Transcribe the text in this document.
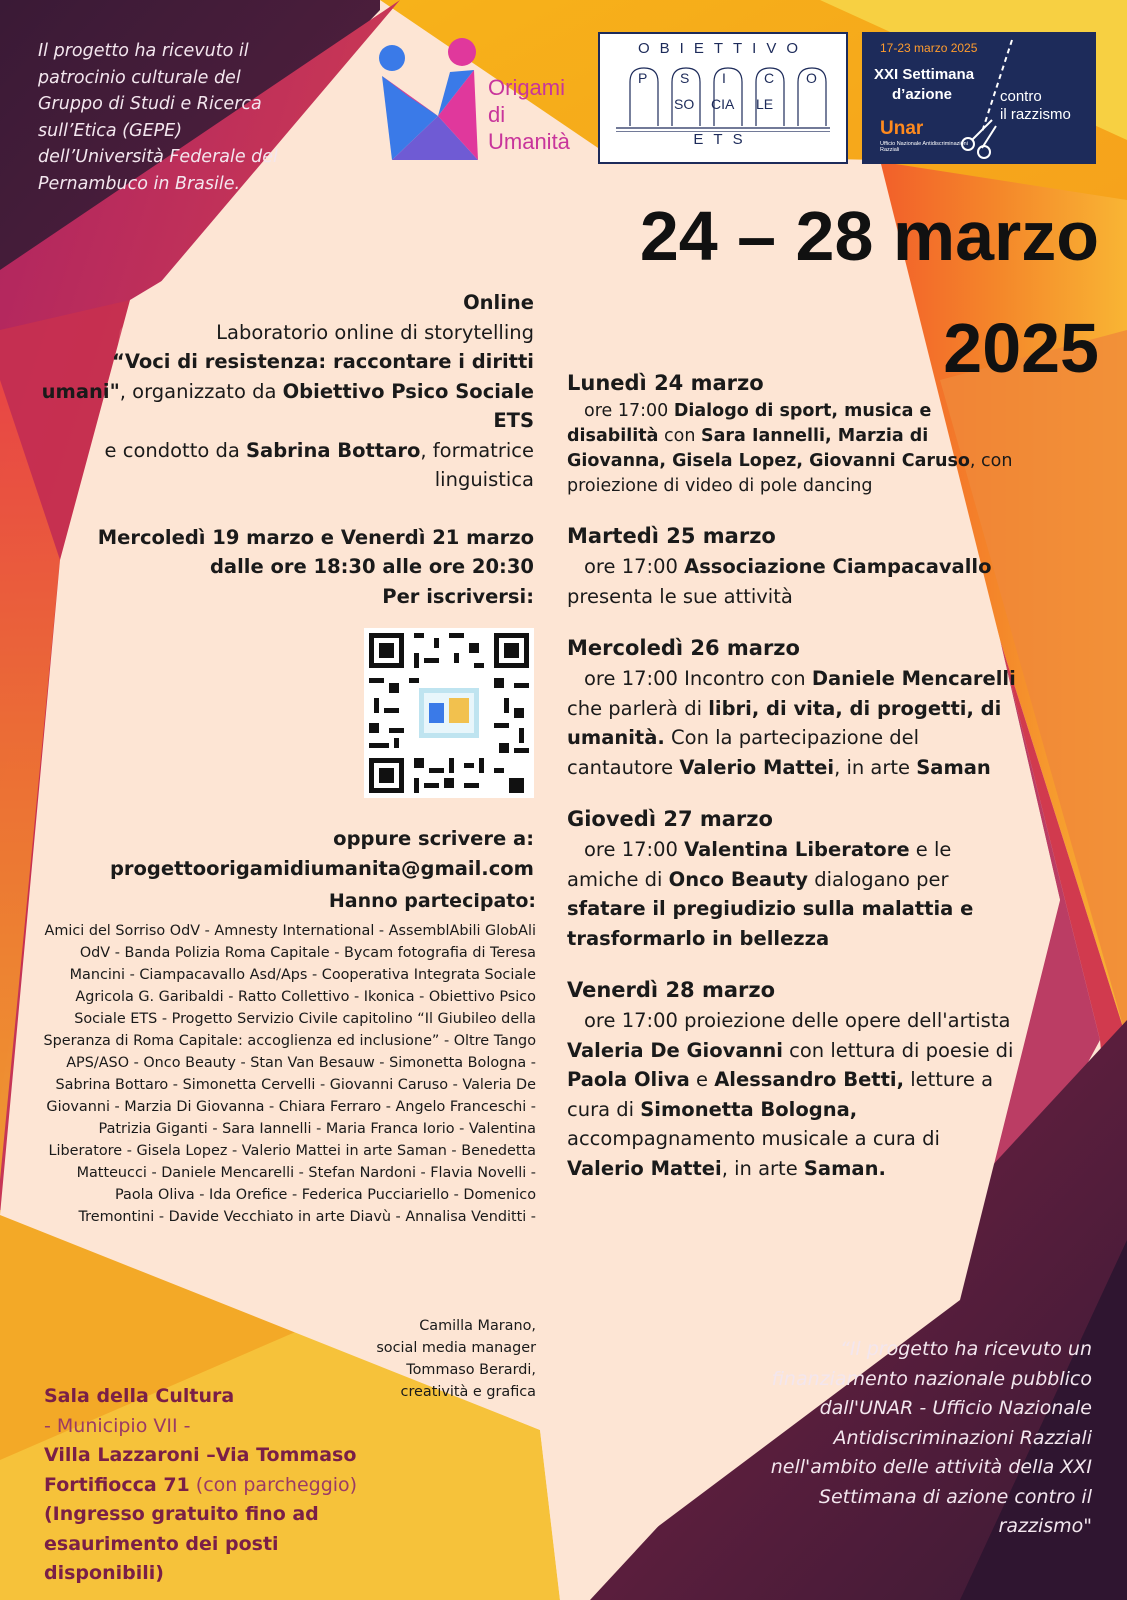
Il progetto ha ricevuto il patrocinio culturale del Gruppo di Studi e Ricerca sull’Etica (GEPE) dell’Università Federale del Pernambuco in Brasile.
Origami
di
Umanità
OBIETTIVO
P S I	C O
SO CIA LE
ETS
17-23 marzo 2025
XXI Settimana
d’azione	contro
il razzismo
Unar
Ufficio Nazionale Antidiscriminazioni Razziali
24 – 28 marzo
2025

Online

Laboratorio online di storytelling

“Voci di resistenza: raccontare i diritti umani", organizzato da Obiettivo Psico Sociale ETS

e condotto da Sabrina Bottaro, formatrice linguistica

Mercoledì 19 marzo e Venerdì 21 marzo

dalle ore 18:30 alle ore 20:30

Per iscriversi:

oppure scrivere a:
progettoorigamidiumanita@gmail.com
Hanno partecipato:
Amici del Sorriso OdV - Amnesty International - AssemblAbili GlobAli OdV - Banda Polizia Roma Capitale - Bycam fotografia di Teresa Mancini - Ciampacavallo Asd/Aps - Cooperativa Integrata Sociale Agricola G. Garibaldi - Ratto Collettivo - Ikonica - Obiettivo Psico Sociale ETS - Progetto Servizio Civile capitolino “Il Giubileo della Speranza di Roma Capitale: accoglienza ed inclusione” - Oltre Tango APS/ASO - Onco Beauty - Stan Van Besauw - Simonetta Bologna - Sabrina Bottaro - Simonetta Cervelli - Giovanni Caruso - Valeria De Giovanni - Marzia Di Giovanna - Chiara Ferraro - Angelo Franceschi - Patrizia Giganti - Sara Iannelli - Maria Franca Iorio - Valentina Liberatore - Gisela Lopez - Valerio Mattei in arte Saman - Benedetta Matteucci - Daniele Mencarelli - Stefan Nardoni - Flavia Novelli - Paola Oliva - Ida Orefice - Federica Pucciariello - Domenico Tremontini - Davide Vecchiato in arte Diavù - Annalisa Venditti -
Camilla Marano,
social media manager
Tommaso Berardi,
creatività e grafica
Sala della Cultura
- Municipio VII -
Villa Lazzaroni –Via Tommaso Fortifiocca 71 (con parcheggio)
(Ingresso gratuito fino ad esaurimento dei posti disponibili)
Lunedì 24 marzo

ore 17:00 Dialogo di sport, musica e disabilità con Sara Iannelli, Marzia di Giovanna, Gisela Lopez, Giovanni Caruso, con proiezione di video di pole dancing

Martedì 25 marzo

ore 17:00 Associazione Ciampacavallo presenta le sue attività

Mercoledì 26 marzo

ore 17:00 Incontro con Daniele Mencarelli che parlerà di libri, di vita, di progetti, di umanità. Con la partecipazione del cantautore Valerio Mattei, in arte Saman

Giovedì 27 marzo

ore 17:00 Valentina Liberatore e le amiche di Onco Beauty dialogano per sfatare il pregiudizio sulla malattia e trasformarlo in bellezza

Venerdì 28 marzo

ore 17:00 proiezione delle opere dell'artista Valeria De Giovanni con lettura di poesie di Paola Oliva e Alessandro Betti, letture a cura di Simonetta Bologna, accompagnamento musicale a cura di Valerio Mattei, in arte Saman.

“Il progetto ha ricevuto un finanziamento nazionale pubblico dall'UNAR - Ufficio Nazionale Antidiscriminazioni Razziali nell'ambito delle attività della XXI Settimana di azione contro il razzismo"
